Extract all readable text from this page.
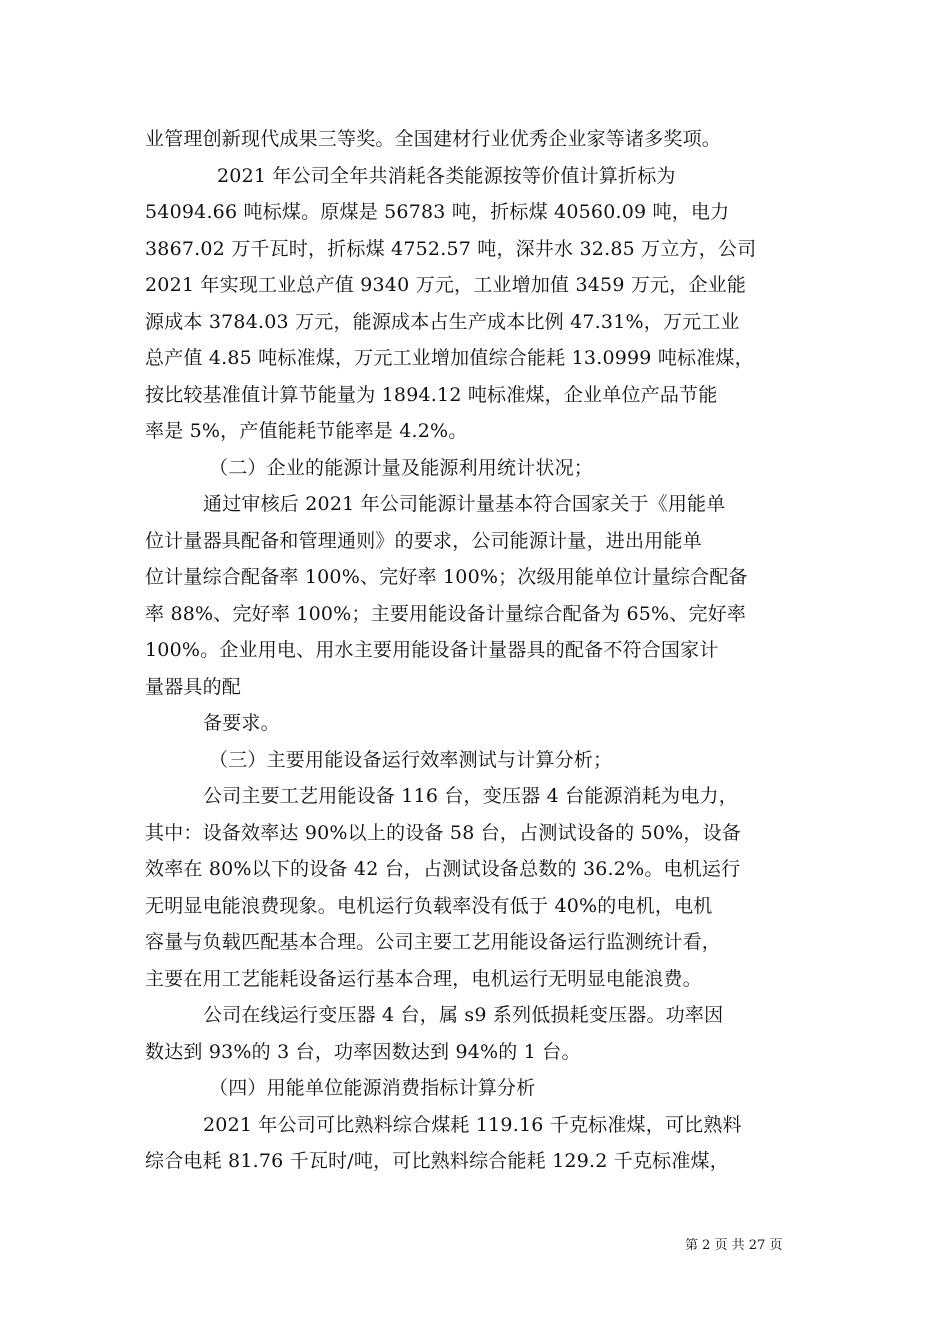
业管理创新现代成果三等奖。全国建材行业优秀企业家等诸多奖项。
2021 年公司全年共消耗各类能源按等价值计算折标为
54094.66 吨标煤。原煤是 56783 吨，折标煤 40560.09 吨，电力
3867.02 万千瓦时，折标煤 4752.57 吨，深井水 32.85 万立方，公司
2021 年实现工业总产值 9340 万元，工业增加值 3459 万元，企业能
源成本 3784.03 万元，能源成本占生产成本比例 47.31%，万元工业
总产值 4.85 吨标准煤，万元工业增加值综合能耗 13.0999 吨标准煤，
按比较基准值计算节能量为 1894.12 吨标准煤，企业单位产品节能
率是 5%，产值能耗节能率是 4.2%。
（二）企业的能源计量及能源利用统计状况；
通过审核后 2021 年公司能源计量基本符合国家关于《用能单
位计量器具配备和管理通则》的要求，公司能源计量，进出用能单
位计量综合配备率 100%、完好率 100%；次级用能单位计量综合配备
率 88%、完好率 100%；主要用能设备计量综合配备为 65%、完好率
100%。企业用电、用水主要用能设备计量器具的配备不符合国家计
量器具的配
备要求。
（三）主要用能设备运行效率测试与计算分析；
公司主要工艺用能设备 116 台，变压器 4 台能源消耗为电力，
其中：设备效率达 90%以上的设备 58 台，占测试设备的 50%，设备
效率在 80%以下的设备 42 台，占测试设备总数的 36.2%。电机运行
无明显电能浪费现象。电机运行负载率没有低于 40%的电机，电机
容量与负载匹配基本合理。公司主要工艺用能设备运行监测统计看，
主要在用工艺能耗设备运行基本合理，电机运行无明显电能浪费。
公司在线运行变压器 4 台，属 s9 系列低损耗变压器。功率因
数达到 93%的 3 台，功率因数达到 94%的 1 台。
（四）用能单位能源消费指标计算分析
2021 年公司可比熟料综合煤耗 119.16 千克标准煤，可比熟料
综合电耗 81.76 千瓦时/吨，可比熟料综合能耗 129.2 千克标准煤，
第 2 页 共 27 页
